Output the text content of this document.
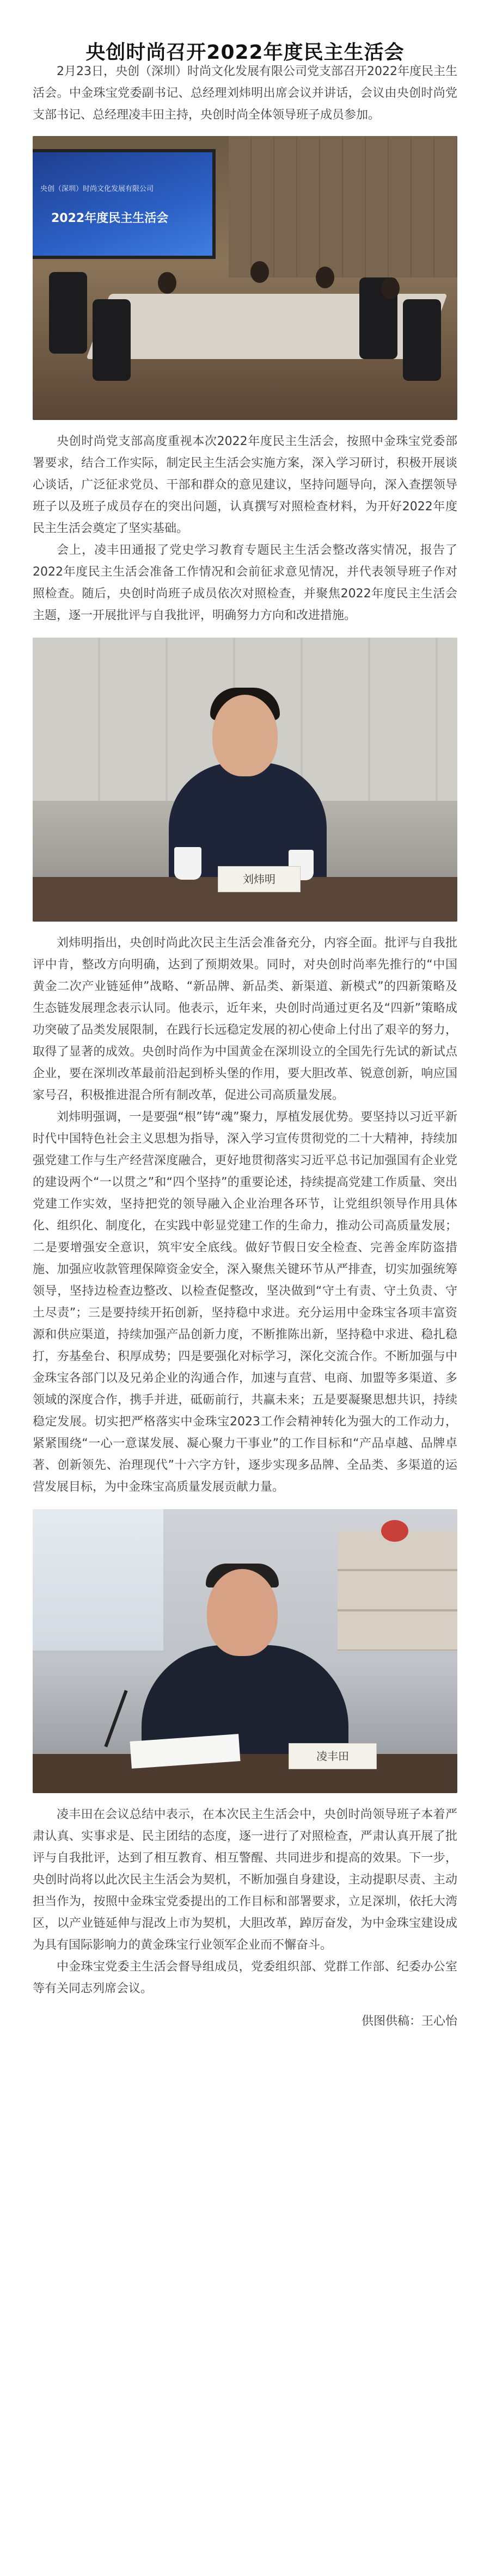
央创时尚召开2022年度民主生活会

2月23日，央创（深圳）时尚文化发展有限公司党支部召开2022年度民主生活会。中金珠宝党委副书记、总经理刘炜明出席会议并讲话，会议由央创时尚党支部书记、总经理凌丰田主持，央创时尚全体领导班子成员参加。

央创（深圳）时尚文化发展有限公司
2022年度民主生活会

央创时尚党支部高度重视本次2022年度民主生活会，按照中金珠宝党委部署要求，结合工作实际，制定民主生活会实施方案，深入学习研讨，积极开展谈心谈话，广泛征求党员、干部和群众的意见建议，坚持问题导向，深入查摆领导班子以及班子成员存在的突出问题，认真撰写对照检查材料，为开好2022年度民主生活会奠定了坚实基础。

会上，凌丰田通报了党史学习教育专题民主生活会整改落实情况，报告了2022年度民主生活会准备工作情况和会前征求意见情况，并代表领导班子作对照检查。随后，央创时尚班子成员依次对照检查，并聚焦2022年度民主生活会主题，逐一开展批评与自我批评，明确努力方向和改进措施。

刘炜明

刘炜明指出，央创时尚此次民主生活会准备充分，内容全面。批评与自我批评中肯，整改方向明确，达到了预期效果。同时，对央创时尚率先推行的“中国黄金二次产业链延伸”战略、“新品牌、新品类、新渠道、新模式”的四新策略及生态链发展理念表示认同。他表示，近年来，央创时尚通过更名及“四新”策略成功突破了品类发展限制，在践行长远稳定发展的初心使命上付出了艰辛的努力，取得了显著的成效。央创时尚作为中国黄金在深圳设立的全国先行先试的新试点企业，要在深圳改革最前沿起到桥头堡的作用，要大胆改革、锐意创新，响应国家号召，积极推进混合所有制改革，促进公司高质量发展。

刘炜明强调，一是要强“根”铸“魂”聚力，厚植发展优势。要坚持以习近平新时代中国特色社会主义思想为指导，深入学习宣传贯彻党的二十大精神，持续加强党建工作与生产经营深度融合，更好地贯彻落实习近平总书记加强国有企业党的建设两个“一以贯之”和“四个坚持”的重要论述，持续提高党建工作质量、突出党建工作实效，坚持把党的领导融入企业治理各环节，让党组织领导作用具体化、组织化、制度化，在实践中彰显党建工作的生命力，推动公司高质量发展；二是要增强安全意识，筑牢安全底线。做好节假日安全检查、完善金库防盗措施、加强应收款管理保障资金安全，深入聚焦关键环节从严排查，切实加强统筹领导，坚持边检查边整改、以检查促整改，坚决做到“守土有责、守土负责、守土尽责”；三是要持续开拓创新，坚持稳中求进。充分运用中金珠宝各项丰富资源和供应渠道，持续加强产品创新力度，不断推陈出新，坚持稳中求进、稳扎稳打，夯基垒台、积厚成势；四是要强化对标学习，深化交流合作。不断加强与中金珠宝各部门以及兄弟企业的沟通合作，加速与直营、电商、加盟等多渠道、多领域的深度合作，携手并进，砥砺前行，共赢未来；五是要凝聚思想共识，持续稳定发展。切实把严格落实中金珠宝2023工作会精神转化为强大的工作动力，紧紧围绕“一心一意谋发展、凝心聚力干事业”的工作目标和“产品卓越、品牌卓著、创新领先、治理现代”十六字方针，逐步实现多品牌、全品类、多渠道的运营发展目标，为中金珠宝高质量发展贡献力量。

凌丰田

凌丰田在会议总结中表示，在本次民主生活会中，央创时尚领导班子本着严肃认真、实事求是、民主团结的态度，逐一进行了对照检查，严肃认真开展了批评与自我批评，达到了相互教育、相互警醒、共同进步和提高的效果。下一步，央创时尚将以此次民主生活会为契机，不断加强自身建设，主动提职尽责、主动担当作为，按照中金珠宝党委提出的工作目标和部署要求，立足深圳，依托大湾区，以产业链延伸与混改上市为契机，大胆改革，踔厉奋发，为中金珠宝建设成为具有国际影响力的黄金珠宝行业领军企业而不懈奋斗。

中金珠宝党委主生活会督导组成员，党委组织部、党群工作部、纪委办公室等有关同志列席会议。

供图供稿：王心怡
